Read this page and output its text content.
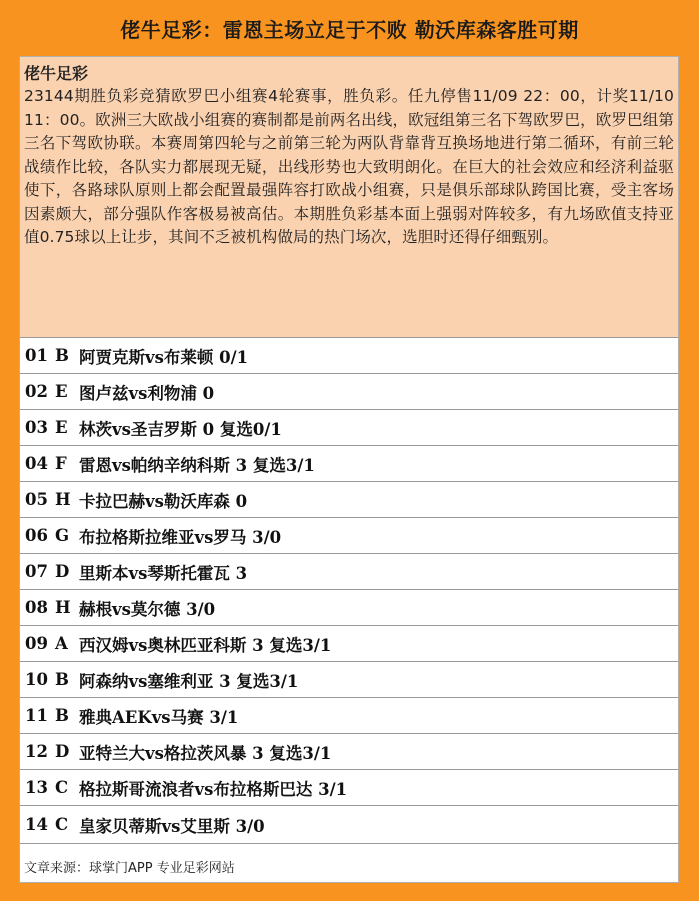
佬牛足彩：雷恩主场立足于不败 勒沃库森客胜可期
佬牛足彩
23144期胜负彩竞猜欧罗巴小组赛4轮赛事，胜负彩。任九停售11/09 22：00，计奖11/10 11：00。欧洲三大欧战小组赛的赛制都是前两名出线，欧冠组第三名下驾欧罗巴，欧罗巴组第三名下驾欧协联。本赛周第四轮与之前第三轮为两队背靠背互换场地进行第二循环，有前三轮战绩作比较，各队实力都展现无疑，出线形势也大致明朗化。在巨大的社会效应和经济利益驱使下，各路球队原则上都会配置最强阵容打欧战小组赛，只是俱乐部球队跨国比赛，受主客场因素颇大，部分强队作客极易被高估。本期胜负彩基本面上强弱对阵较多，有九场欧值支持亚值0.75球以上让步，其间不乏被机构做局的热门场次，选胆时还得仔细甄别。
01 B 阿贾克斯vs布莱顿 0/1
02 E 图卢兹vs利物浦 0
03 E 林茨vs圣吉罗斯 0 复选0/1
04 F 雷恩vs帕纳辛纳科斯 3 复选3/1
05 H 卡拉巴赫vs勒沃库森 0
06 G 布拉格斯拉维亚vs罗马 3/0
07 D 里斯本vs琴斯托霍瓦 3
08 H 赫根vs莫尔德 3/0
09 A 西汉姆vs奥林匹亚科斯 3 复选3/1
10 B 阿森纳vs塞维利亚 3 复选3/1
11 B 雅典AEKvs马赛 3/1
12 D 亚特兰大vs格拉茨风暴 3 复选3/1
13 C 格拉斯哥流浪者vs布拉格斯巴达 3/1
14 C 皇家贝蒂斯vs艾里斯 3/0
文章来源：球掌门APP 专业足彩网站
